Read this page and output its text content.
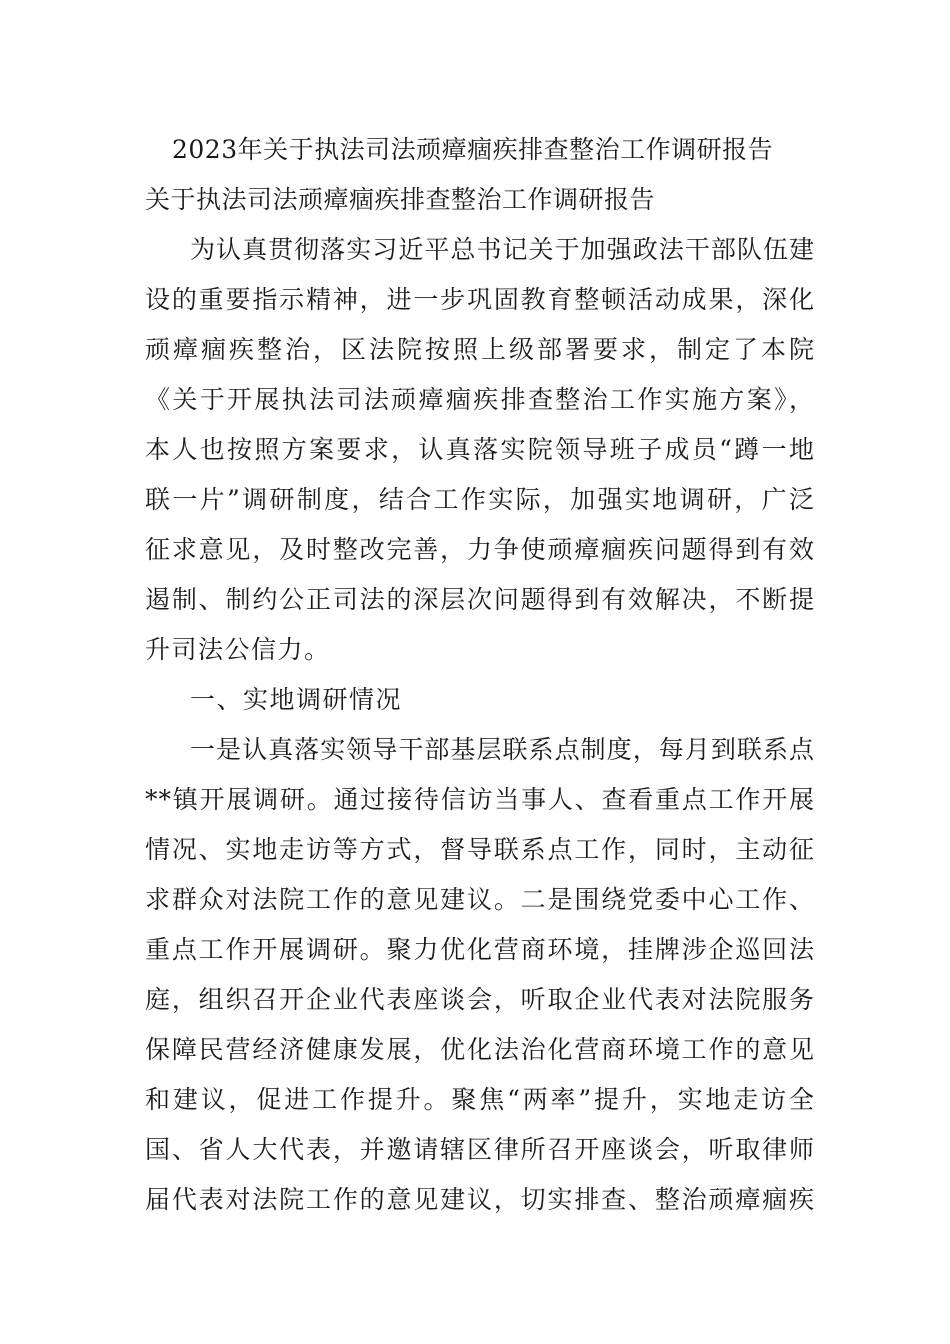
2023年关于执法司法顽瘴痼疾排查整治工作调研报告
关于执法司法顽瘴痼疾排查整治工作调研报告
为认真贯彻落实习近平总书记关于加强政法干部队伍建
设的重要指示精神，进一步巩固教育整顿活动成果，深化
顽瘴痼疾整治，区法院按照上级部署要求，制定了本院
《关于开展执法司法顽瘴痼疾排查整治工作实施方案》，
本人也按照方案要求，认真落实院领导班子成员“蹲一地
联一片”调研制度，结合工作实际，加强实地调研，广泛
征求意见，及时整改完善，力争使顽瘴痼疾问题得到有效
遏制、制约公正司法的深层次问题得到有效解决，不断提
升司法公信力。
一、实地调研情况
一是认真落实领导干部基层联系点制度，每月到联系点
**镇开展调研。通过接待信访当事人、查看重点工作开展
情况、实地走访等方式，督导联系点工作，同时，主动征
求群众对法院工作的意见建议。二是围绕党委中心工作、
重点工作开展调研。聚力优化营商环境，挂牌涉企巡回法
庭，组织召开企业代表座谈会，听取企业代表对法院服务
保障民营经济健康发展，优化法治化营商环境工作的意见
和建议，促进工作提升。聚焦“两率”提升，实地走访全
国、省人大代表，并邀请辖区律所召开座谈会，听取律师
届代表对法院工作的意见建议，切实排查、整治顽瘴痼疾
